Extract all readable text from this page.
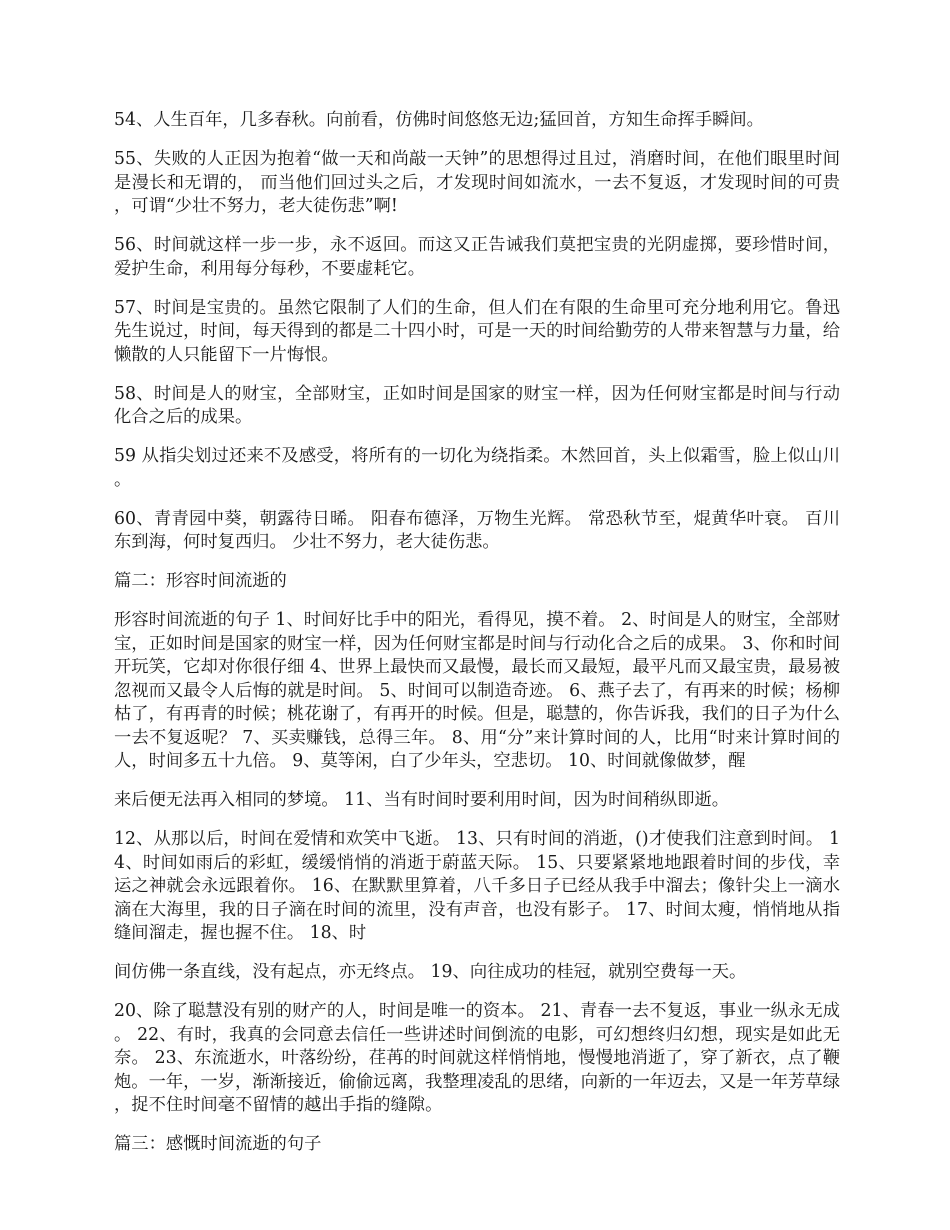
54、人生百年，几多春秋。向前看，仿佛时间悠悠无边;猛回首，方知生命挥手瞬间。

55、失败的人正因为抱着“做一天和尚敲一天钟”的思想得过且过，消磨时间，在他们眼里时间是漫长和无谓的， 而当他们回过头之后，才发现时间如流水，一去不复返，才发现时间的可贵，可谓“少壮不努力，老大徒伤悲”啊!

56、时间就这样一步一步，永不返回。而这又正告诫我们莫把宝贵的光阴虚掷，要珍惜时间，爱护生命，利用每分每秒，不要虚耗它。

57、时间是宝贵的。虽然它限制了人们的生命，但人们在有限的生命里可充分地利用它。鲁迅先生说过，时间，每天得到的都是二十四小时，可是一天的时间给勤劳的人带来智慧与力量，给懒散的人只能留下一片悔恨。

58、时间是人的财宝，全部财宝，正如时间是国家的财宝一样，因为任何财宝都是时间与行动化合之后的成果。

59 从指尖划过还来不及感受，将所有的一切化为绕指柔。木然回首，头上似霜雪，脸上似山川 。

60、青青园中葵，朝露待日晞。 阳春布德泽，万物生光辉。 常恐秋节至，焜黄华叶衰。 百川东到海，何时复西归。 少壮不努力，老大徒伤悲。

篇二：形容时间流逝的

形容时间流逝的句子 1、时间好比手中的阳光，看得见，摸不着。 2、时间是人的财宝，全部财宝，正如时间是国家的财宝一样，因为任何财宝都是时间与行动化合之后的成果。 3、你和时间开玩笑，它却对你很仔细 4、世界上最快而又最慢，最长而又最短，最平凡而又最宝贵，最易被忽视而又最令人后悔的就是时间。 5、时间可以制造奇迹。 6、燕子去了，有再来的时候；杨柳枯了，有再青的时候；桃花谢了，有再开的时候。但是，聪慧的，你告诉我，我们的日子为什么一去不复返呢？ 7、买卖赚钱，总得三年。 8、用“分”来计算时间的人，比用“时来计算时间的人，时间多五十九倍。 9、莫等闲，白了少年头，空悲切。 10、时间就像做梦，醒

来后便无法再入相同的梦境。 11、当有时间时要利用时间，因为时间稍纵即逝。

12、从那以后，时间在爱情和欢笑中飞逝。 13、只有时间的消逝，()才使我们注意到时间。 14、时间如雨后的彩虹，缓缓悄悄的消逝于蔚蓝天际。 15、只要紧紧地地跟着时间的步伐，幸运之神就会永远跟着你。 16、在默默里算着，八千多日子已经从我手中溜去；像针尖上一滴水滴在大海里，我的日子滴在时间的流里，没有声音，也没有影子。 17、时间太瘦，悄悄地从指缝间溜走，握也握不住。 18、时

间仿佛一条直线，没有起点，亦无终点。 19、向往成功的桂冠，就别空费每一天。

20、除了聪慧没有别的财产的人，时间是唯一的资本。 21、青春一去不复返，事业一纵永无成。 22、有时，我真的会同意去信任一些讲述时间倒流的电影，可幻想终归幻想，现实是如此无奈。 23、东流逝水，叶落纷纷，荏苒的时间就这样悄悄地，慢慢地消逝了，穿了新衣，点了鞭炮。一年，一岁，渐渐接近，偷偷远离，我整理凌乱的思绪，向新的一年迈去，又是一年芳草绿，捉不住时间毫不留情的越出手指的缝隙。

篇三：感慨时间流逝的句子
